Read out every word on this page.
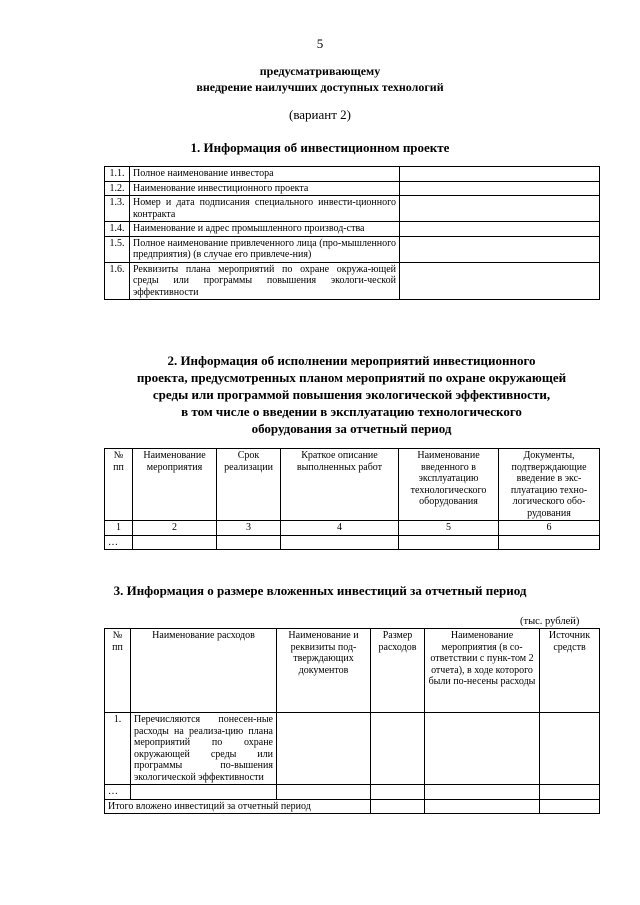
5
предусматривающему
внедрение наилучших доступных технологий
(вариант 2)
1. Информация об инвестиционном проекте
1.1.	Полное наименование инвестора	
1.2.	Наименование инвестиционного проекта	
1.3.	Номер и дата подписания специального инвести-ционного контракта	
1.4.	Наименование и адрес промышленного производ-ства	
1.5.	Полное наименование привлеченного лица (про-мышленного предприятия) (в случае его привлече-ния)	
1.6.	Реквизиты плана мероприятий по охране окружа-ющей среды или программы повышения экологи-ческой эффективности	
2. Информация об исполнении мероприятий инвестиционного
проекта, предусмотренных планом мероприятий по охране окружающей
среды или программой повышения экологической эффективности,
в том числе о введении в эксплуатацию технологического
оборудования за отчетный период
№ пп	Наименование мероприятия	Срок реализации	Краткое описание выполненных работ	Наименование введенного в эксплуатацию технологического оборудования	Документы, подтверждающие введение в экс-плуатацию техно-логического обо-рудования
1	2	3	4	5	6
…					
3. Информация о размере вложенных инвестиций за отчетный период
(тыс. рублей)
№ пп	Наименование расходов	Наименование и реквизиты под-тверждающих документов	Размер расходов	Наименование мероприятия (в со-ответствии с пунк-том 2 отчета), в ходе которого были по-несены расходы	Источник средств
1.	Перечисляются понесен-ные расходы на реализа-цию плана мероприятий по охране окружающей среды или программы по-вышения экологической эффективности				
…					
Итого вложено инвестиций за отчетный период					
